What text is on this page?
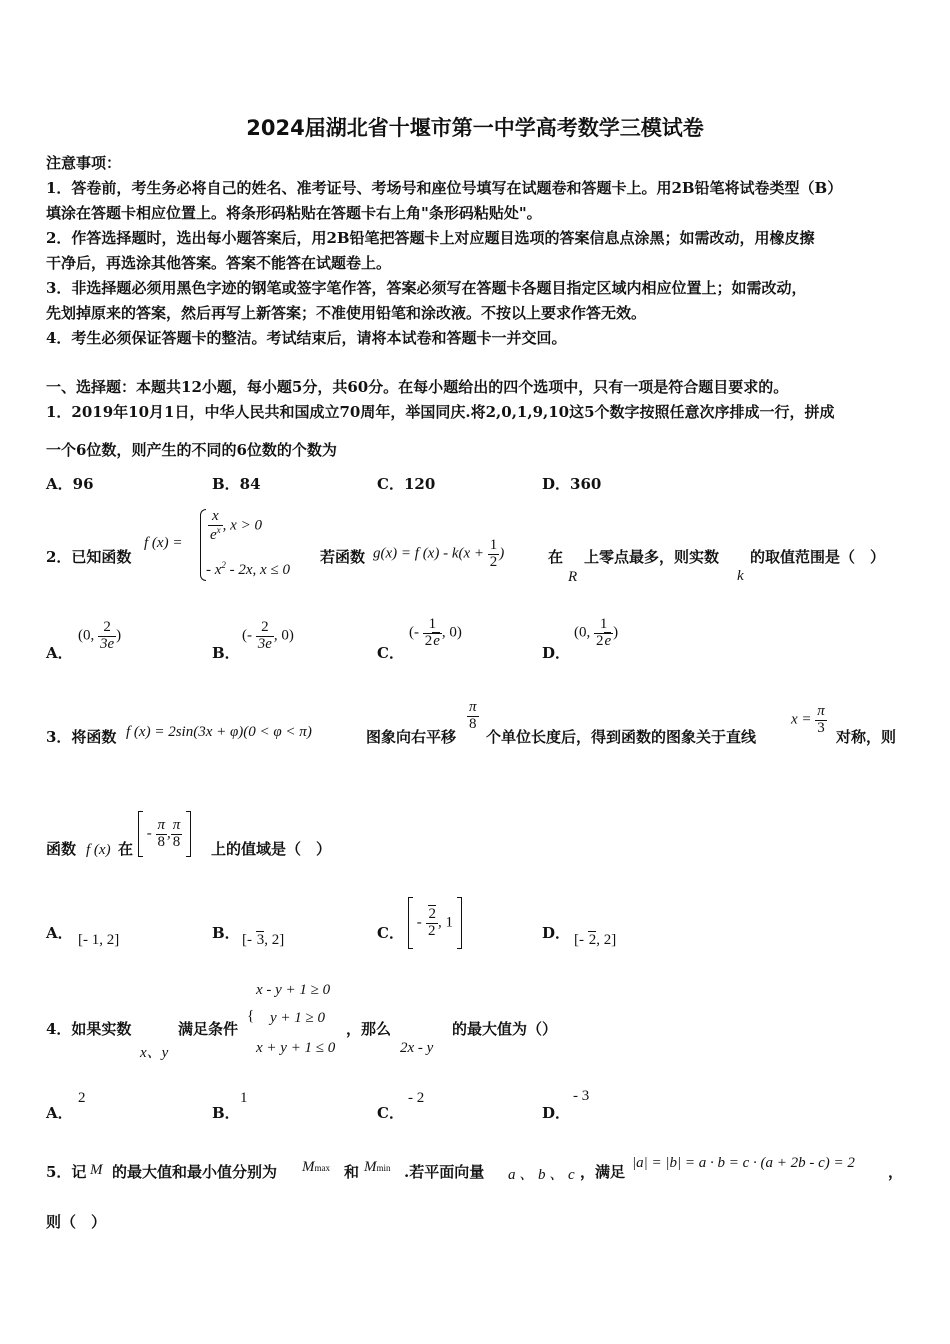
2024届湖北省十堰市第一中学高考数学三模试卷
注意事项：
1．答卷前，考生务必将自己的姓名、准考证号、考场号和座位号填写在试题卷和答题卡上。用2B铅笔将试卷类型（B）
填涂在答题卡相应位置上。将条形码粘贴在答题卡右上角"条形码粘贴处"。
2．作答选择题时，选出每小题答案后，用2B铅笔把答题卡上对应题目选项的答案信息点涂黑；如需改动，用橡皮擦
干净后，再选涂其他答案。答案不能答在试题卷上。
3．非选择题必须用黑色字迹的钢笔或签字笔作答，答案必须写在答题卡各题目指定区域内相应位置上；如需改动，
先划掉原来的答案，然后再写上新答案；不准使用铅笔和涂改液。不按以上要求作答无效。
4．考生必须保证答题卡的整洁。考试结束后，请将本试卷和答题卡一并交回。
一、选择题：本题共12小题，每小题5分，共60分。在每小题给出的四个选项中，只有一项是符合题目要求的。
1．2019年10月1日，中华人民共和国成立70周年，举国同庆.将2,0,1,9,10这5个数字按照任意次序排成一行，拼成
一个6位数，则产生的不同的6位数的个数为
A．96	B．84	C．120	D．360
2．已知函数
f $(x) = \frac{x}{e^x}$ , x > 0
- $x^2 - 2x$, x ≤ 0
若函数 g(x) = f $(x) - k(x + \frac{1}{2}$ )	在
R
上零点最多，则实数
k
的取值范围是（　）
A．
(0, $\frac{2}{3e}$ )
B．
(- $\frac{2}{3e}$ , 0)
C．
(- $\frac{1}{2e}$ , 0)
D．
(0, $\frac{1}{2e}$ )
3．将函数 f (x) = 2sin(3x + φ)(0 < φ < π)	图象向右平移
$\frac{\pi}{8}$
个单位长度后，得到函数的图象关于直线
$x = \frac{\pi}{3}$
对称，则
函数 f (x) 在
- $\frac{\pi}{8}$ , $\frac{\pi}{8}$
上的值域是（　）
A． [- 1, 2]	B． [- 3, 2]	C．
- $\frac{2}{2}$ , 1
D． [- 2, 2]
x - y + 1 ≥ 0
4．如果实数
x、y
满足条件
{ y + 1 ≥ 0
x + y + 1 ≤ 0
，那么
2x - y
的最大值为（）
A．
2
B．
1
C．
- 2
D．
- 3
5．记 M 的最大值和最小值分别为 Mmax 和 Mmin .若平面向量 a 、 b 、 c ，满足 |a| = |b| = a · b = c · (a + 2b - c) = 2 ，
则（　）
